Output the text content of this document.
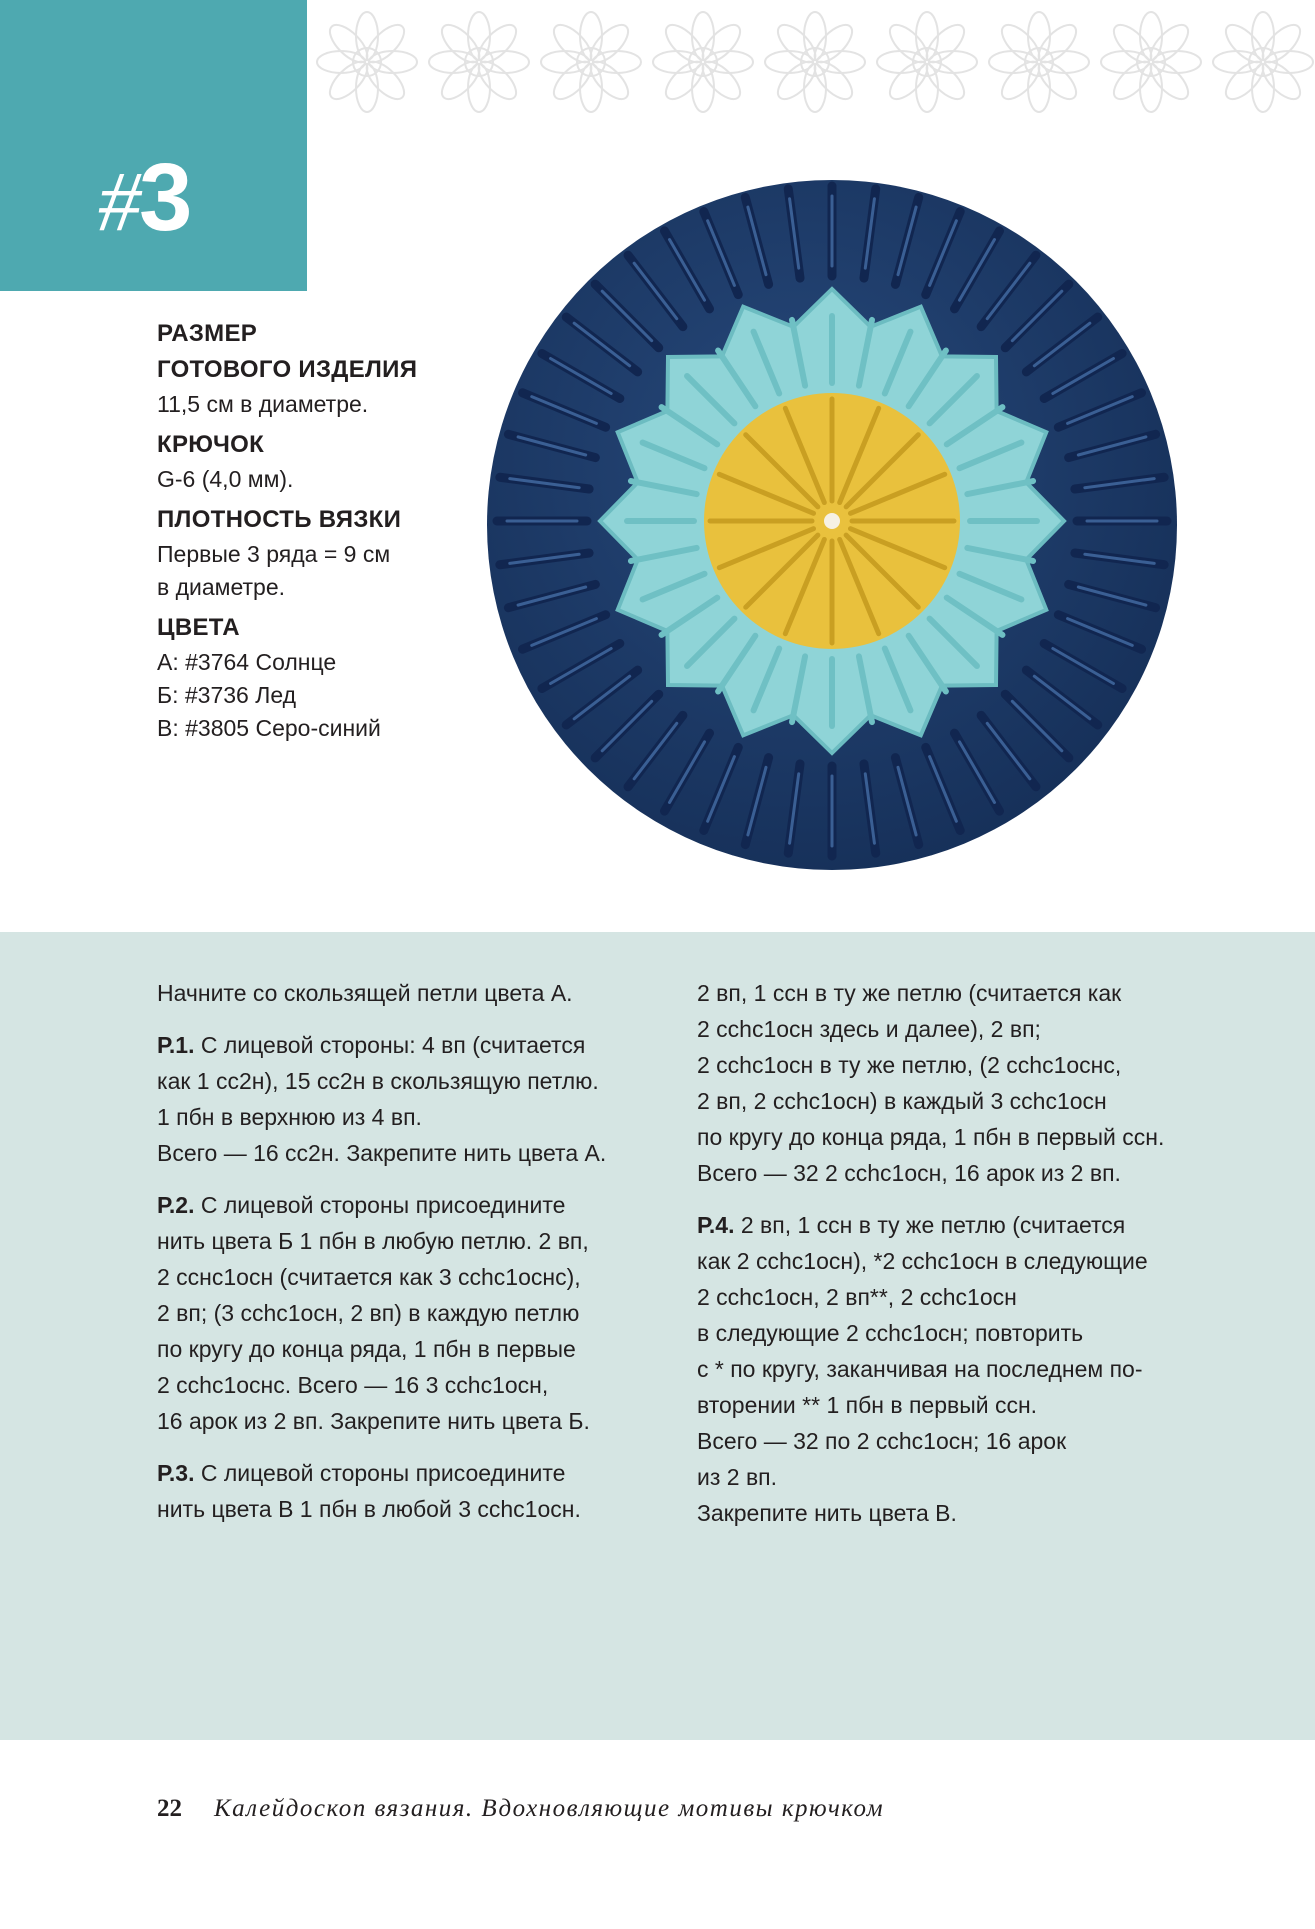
#3
РАЗМЕР
ГОТОВОГО ИЗДЕЛИЯ
11,5 см в диаметре.
КРЮЧОК
G-6 (4,0 мм).
ПЛОТНОСТЬ ВЯЗКИ
Первые 3 ряда = 9 см
в диаметре.
ЦВЕТА
А: #3764 Солнце
Б: #3736 Лед
В: #3805 Серо-синий
Начните со скользящей петли цвета А.
Р.1. С лицевой стороны: 4 вп (считается
как 1 сс2н), 15 сс2н в скользящую петлю.
1 пбн в верхнюю из 4 вп.
Всего — 16 сс2н. Закрепите нить цвета А.
Р.2. С лицевой стороны присоедините
нить цвета Б 1 пбн в любую петлю. 2 вп,
2 ccнc1осн (считается как 3 ссhc1оснс),
2 вп; (3 ссhc1осн, 2 вп) в каждую петлю
по кругу до конца ряда, 1 пбн в первые
2 ссhc1оснс. Всего — 16 3 ссhc1осн,
16 арок из 2 вп. Закрепите нить цвета Б.
Р.3. С лицевой стороны присоедините
нить цвета В 1 пбн в любой 3 ссhc1осн.
2 вп, 1 ссн в ту же петлю (считается как
2 ссhc1осн здесь и далее), 2 вп;
2 ссhc1осн в ту же петлю, (2 ссhc1оснс,
2 вп, 2 ссhc1осн) в каждый 3 ссhc1осн
по кругу до конца ряда, 1 пбн в первый ссн.
Всего — 32 2 ссhc1осн, 16 арок из 2 вп.
Р.4. 2 вп, 1 ссн в ту же петлю (считается
как 2 ссhc1осн), *2 ссhc1осн в следующие
2 ссhc1осн, 2 вп**, 2 ссhc1осн
в следующие 2 ссhc1осн; повторить
с * по кругу, заканчивая на последнем по-
вторении ** 1 пбн в первый ссн.
Всего — 32 по 2 ссhc1осн; 16 арок
из 2 вп.
Закрепите нить цвета В.
22 Калейдоскоп вязания. Вдохновляющие мотивы крючком
